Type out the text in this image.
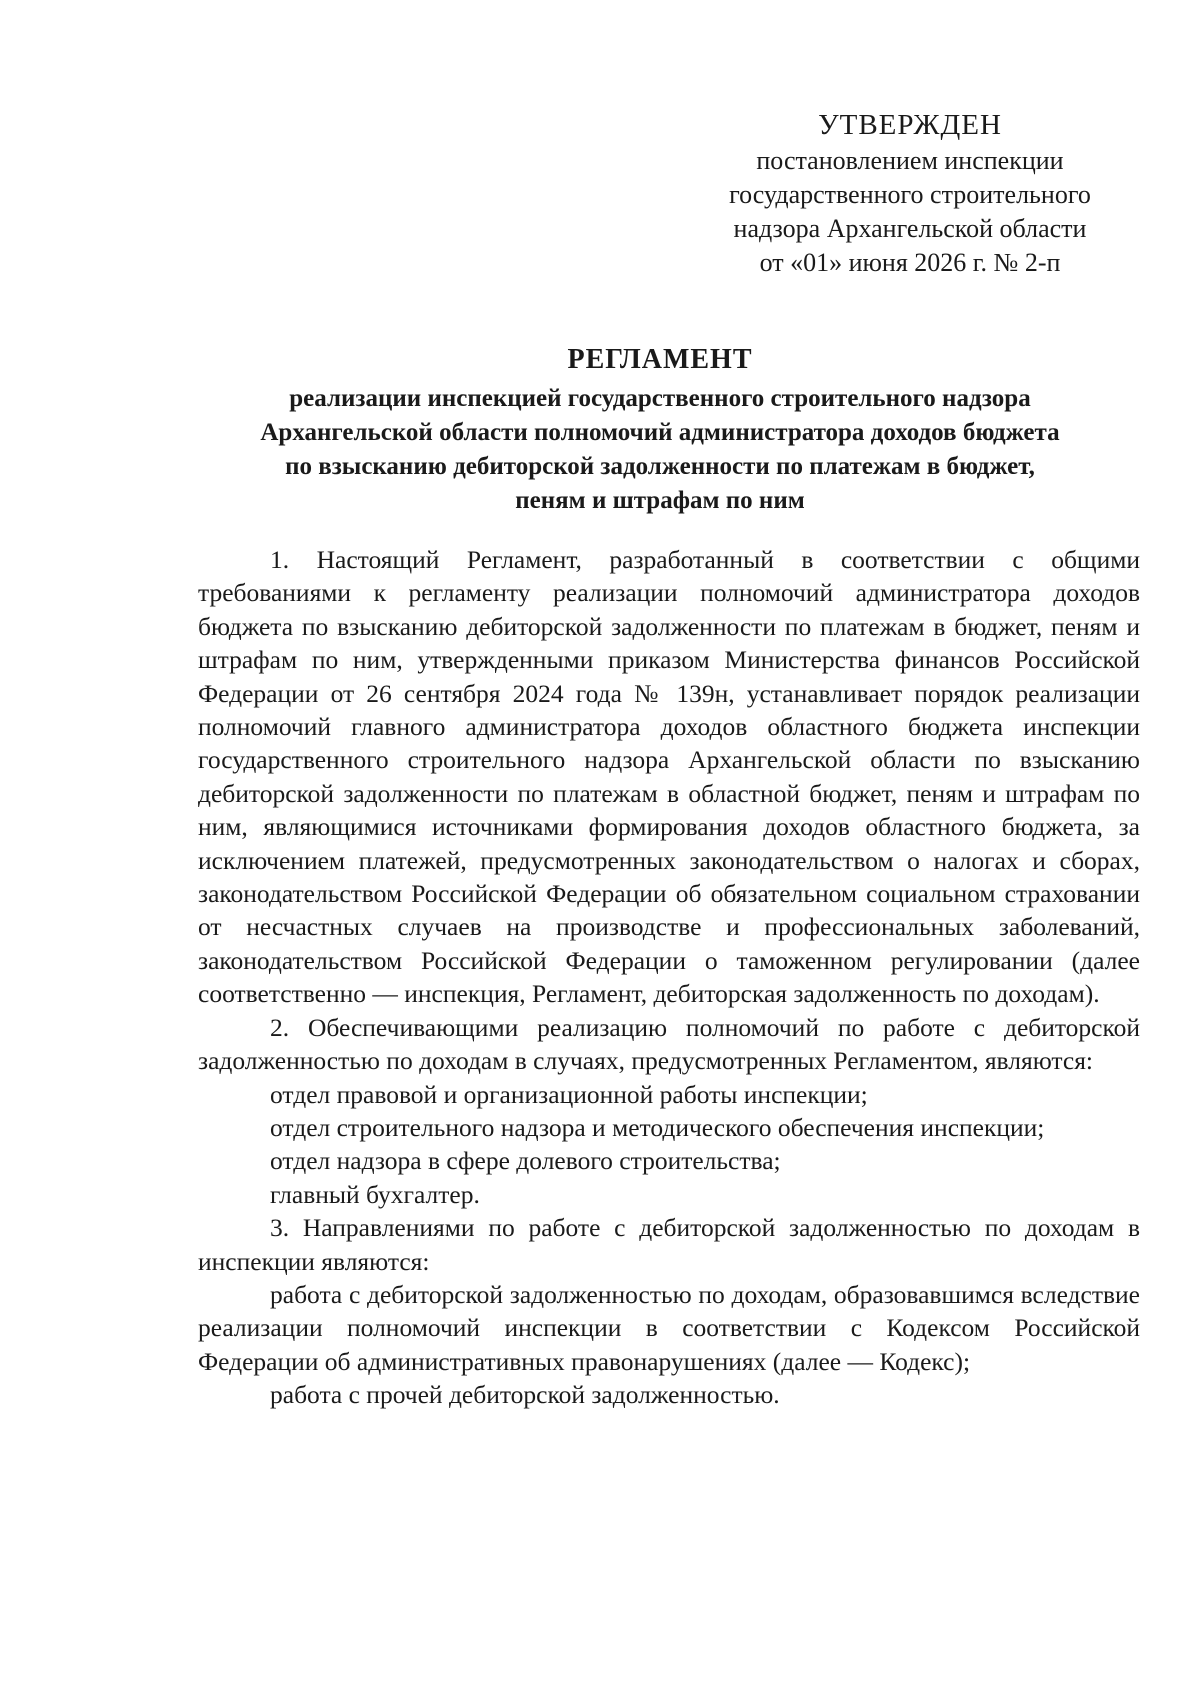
УТВЕРЖДЕН
постановлением инспекции
государственного строительного
надзора Архангельской области
от «01» июня 2026 г. № 2-п
РЕГЛАМЕНТ
реализации инспекцией государственного строительного надзора
Архангельской области полномочий администратора доходов бюджета
по взысканию дебиторской задолженности по платежам в бюджет,
пеням и штрафам по ним

1. Настоящий Регламент, разработанный в соответствии с общими требованиями к регламенту реализации полномочий администратора доходов бюджета по взысканию дебиторской задолженности по платежам в бюджет, пеням и штрафам по ним, утвержденными приказом Министерства финансов Российской Федерации от 26 сентября 2024 года № 139н, устанавливает порядок реализации полномочий главного администратора доходов областного бюджета инспекции государственного строительного надзора Архангельской области по взысканию дебиторской задолженности по платежам в областной бюджет, пеням и штрафам по ним, являющимися источниками формирования доходов областного бюджета, за исключением платежей, предусмотренных законодательством о налогах и сборах, законодательством Российской Федерации об обязательном социальном страховании от несчастных случаев на производстве и профессиональных заболеваний, законодательством Российской Федерации о таможенном регулировании (далее соответственно — инспекция, Регламент, дебиторская задолженность по доходам).

2. Обеспечивающими реализацию полномочий по работе с дебиторской задолженностью по доходам в случаях, предусмотренных Регламентом, являются:

отдел правовой и организационной работы инспекции;

отдел строительного надзора и методического обеспечения инспекции;

отдел надзора в сфере долевого строительства;

главный бухгалтер.

3. Направлениями по работе с дебиторской задолженностью по доходам в инспекции являются:

работа с дебиторской задолженностью по доходам, образовавшимся вследствие реализации полномочий инспекции в соответствии с Кодексом Российской Федерации об административных правонарушениях (далее — Кодекс);

работа с прочей дебиторской задолженностью.
